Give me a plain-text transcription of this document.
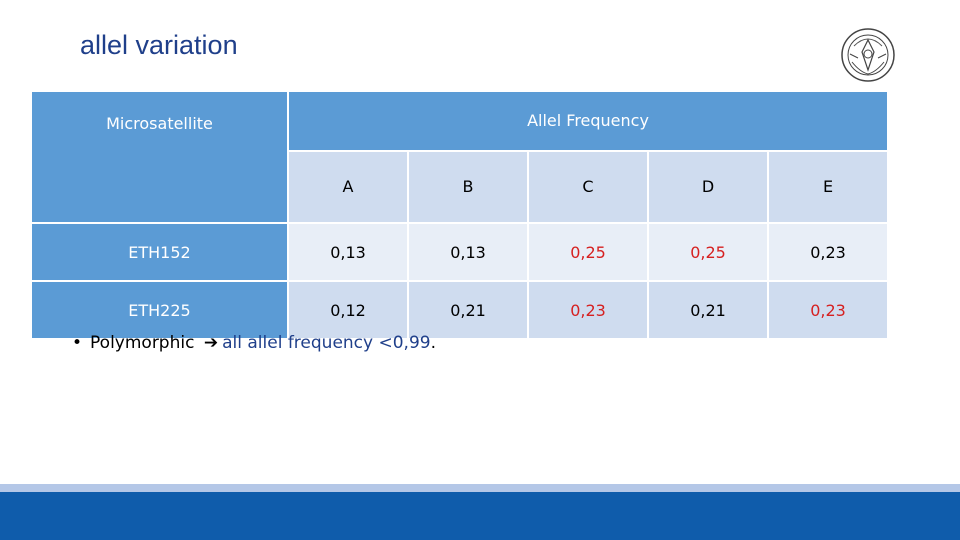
allel variation
Microsatellite	Allel Frequency				
	A	B	C	D	E
ETH152	0,13	0,13	0,25	0,25	0,23
ETH225	0,12	0,21	0,23	0,21	0,23
• Polymorphic ➔ all allel frequency <0,99.
